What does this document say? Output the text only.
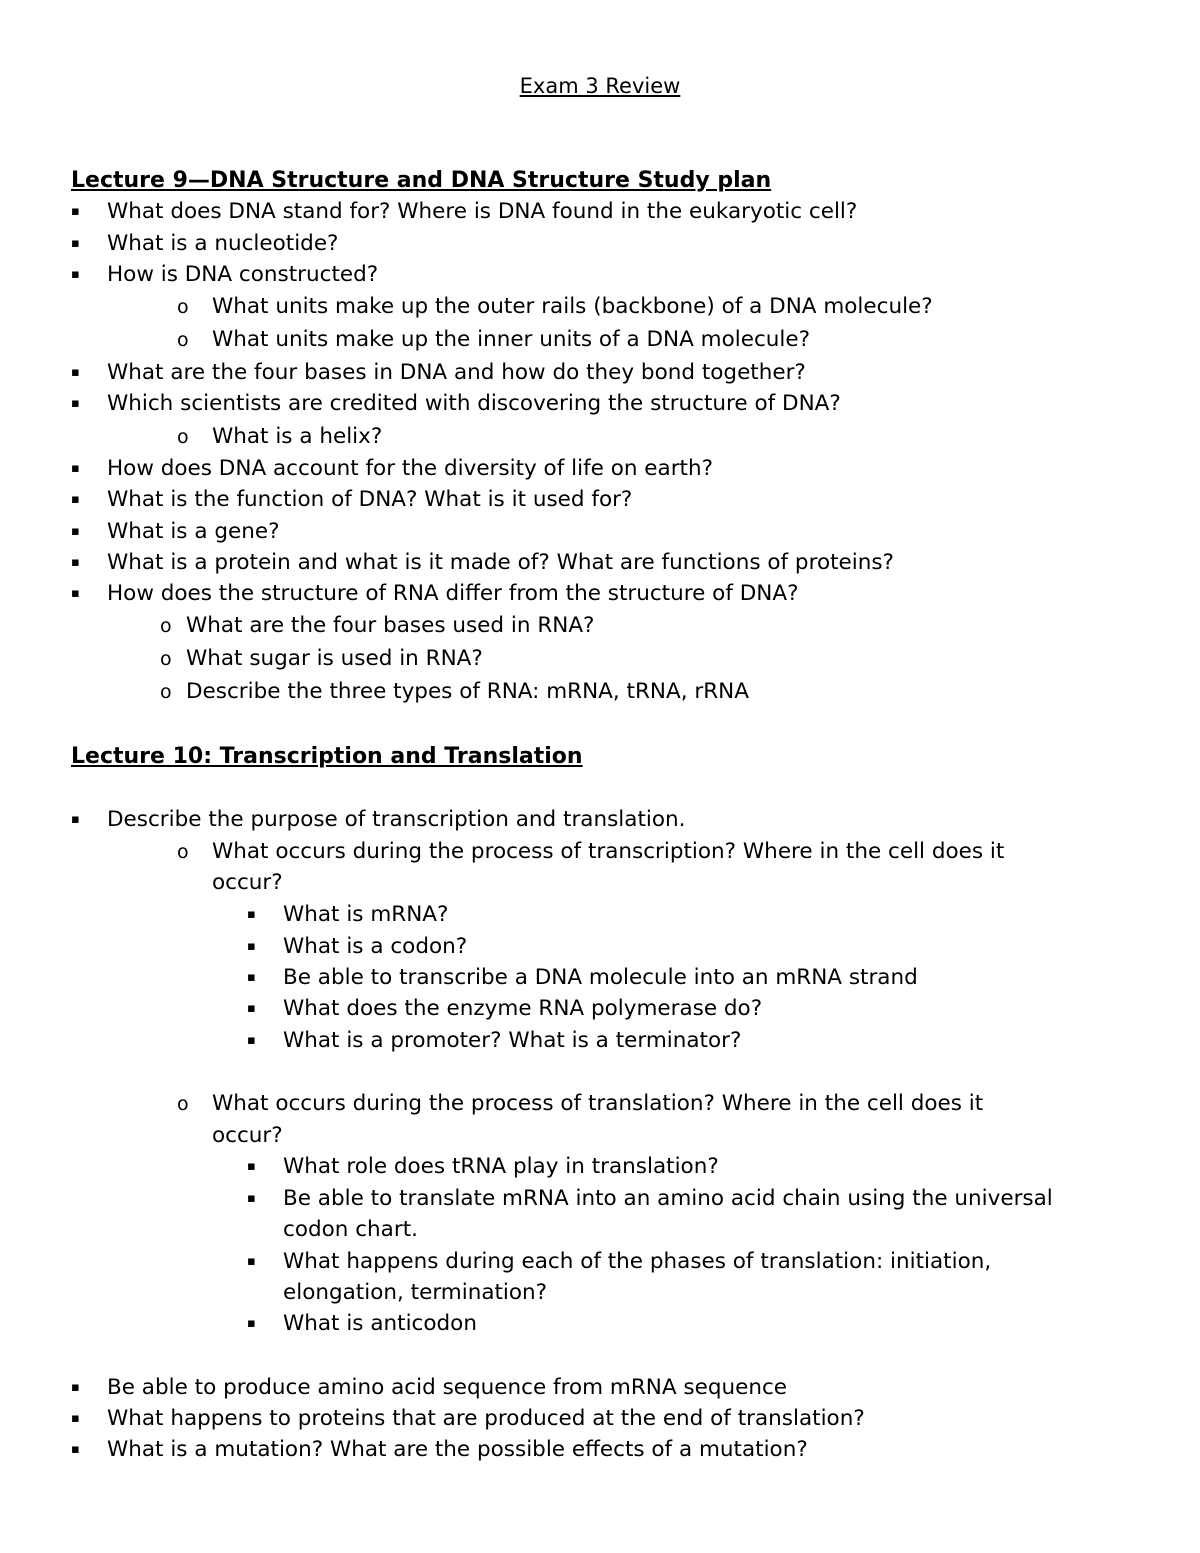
Exam 3 Review
Lecture 9—DNA Structure and DNA Structure Study plan
▪ What does DNA stand for? Where is DNA found in the eukaryotic cell?
▪ What is a nucleotide?
▪ How is DNA constructed?
o What units make up the outer rails (backbone) of a DNA molecule?
o What units make up the inner units of a DNA molecule?
▪ What are the four bases in DNA and how do they bond together?
▪ Which scientists are credited with discovering the structure of DNA?
o What is a helix?
▪ How does DNA account for the diversity of life on earth?
▪ What is the function of DNA? What is it used for?
▪ What is a gene?
▪ What is a protein and what is it made of? What are functions of proteins?
▪ How does the structure of RNA differ from the structure of DNA?
o What are the four bases used in RNA?
o What sugar is used in RNA?
o Describe the three types of RNA: mRNA, tRNA, rRNA
Lecture 10: Transcription and Translation
▪ Describe the purpose of transcription and translation.
o What occurs during the process of transcription? Where in the cell does it
occur?
▪ What is mRNA?
▪ What is a codon?
▪ Be able to transcribe a DNA molecule into an mRNA strand
▪ What does the enzyme RNA polymerase do?
▪ What is a promoter? What is a terminator?
o What occurs during the process of translation? Where in the cell does it
occur?
▪ What role does tRNA play in translation?
▪ Be able to translate mRNA into an amino acid chain using the universal
codon chart.
▪ What happens during each of the phases of translation: initiation,
elongation, termination?
▪ What is anticodon
▪ Be able to produce amino acid sequence from mRNA sequence
▪ What happens to proteins that are produced at the end of translation?
▪ What is a mutation? What are the possible effects of a mutation?
